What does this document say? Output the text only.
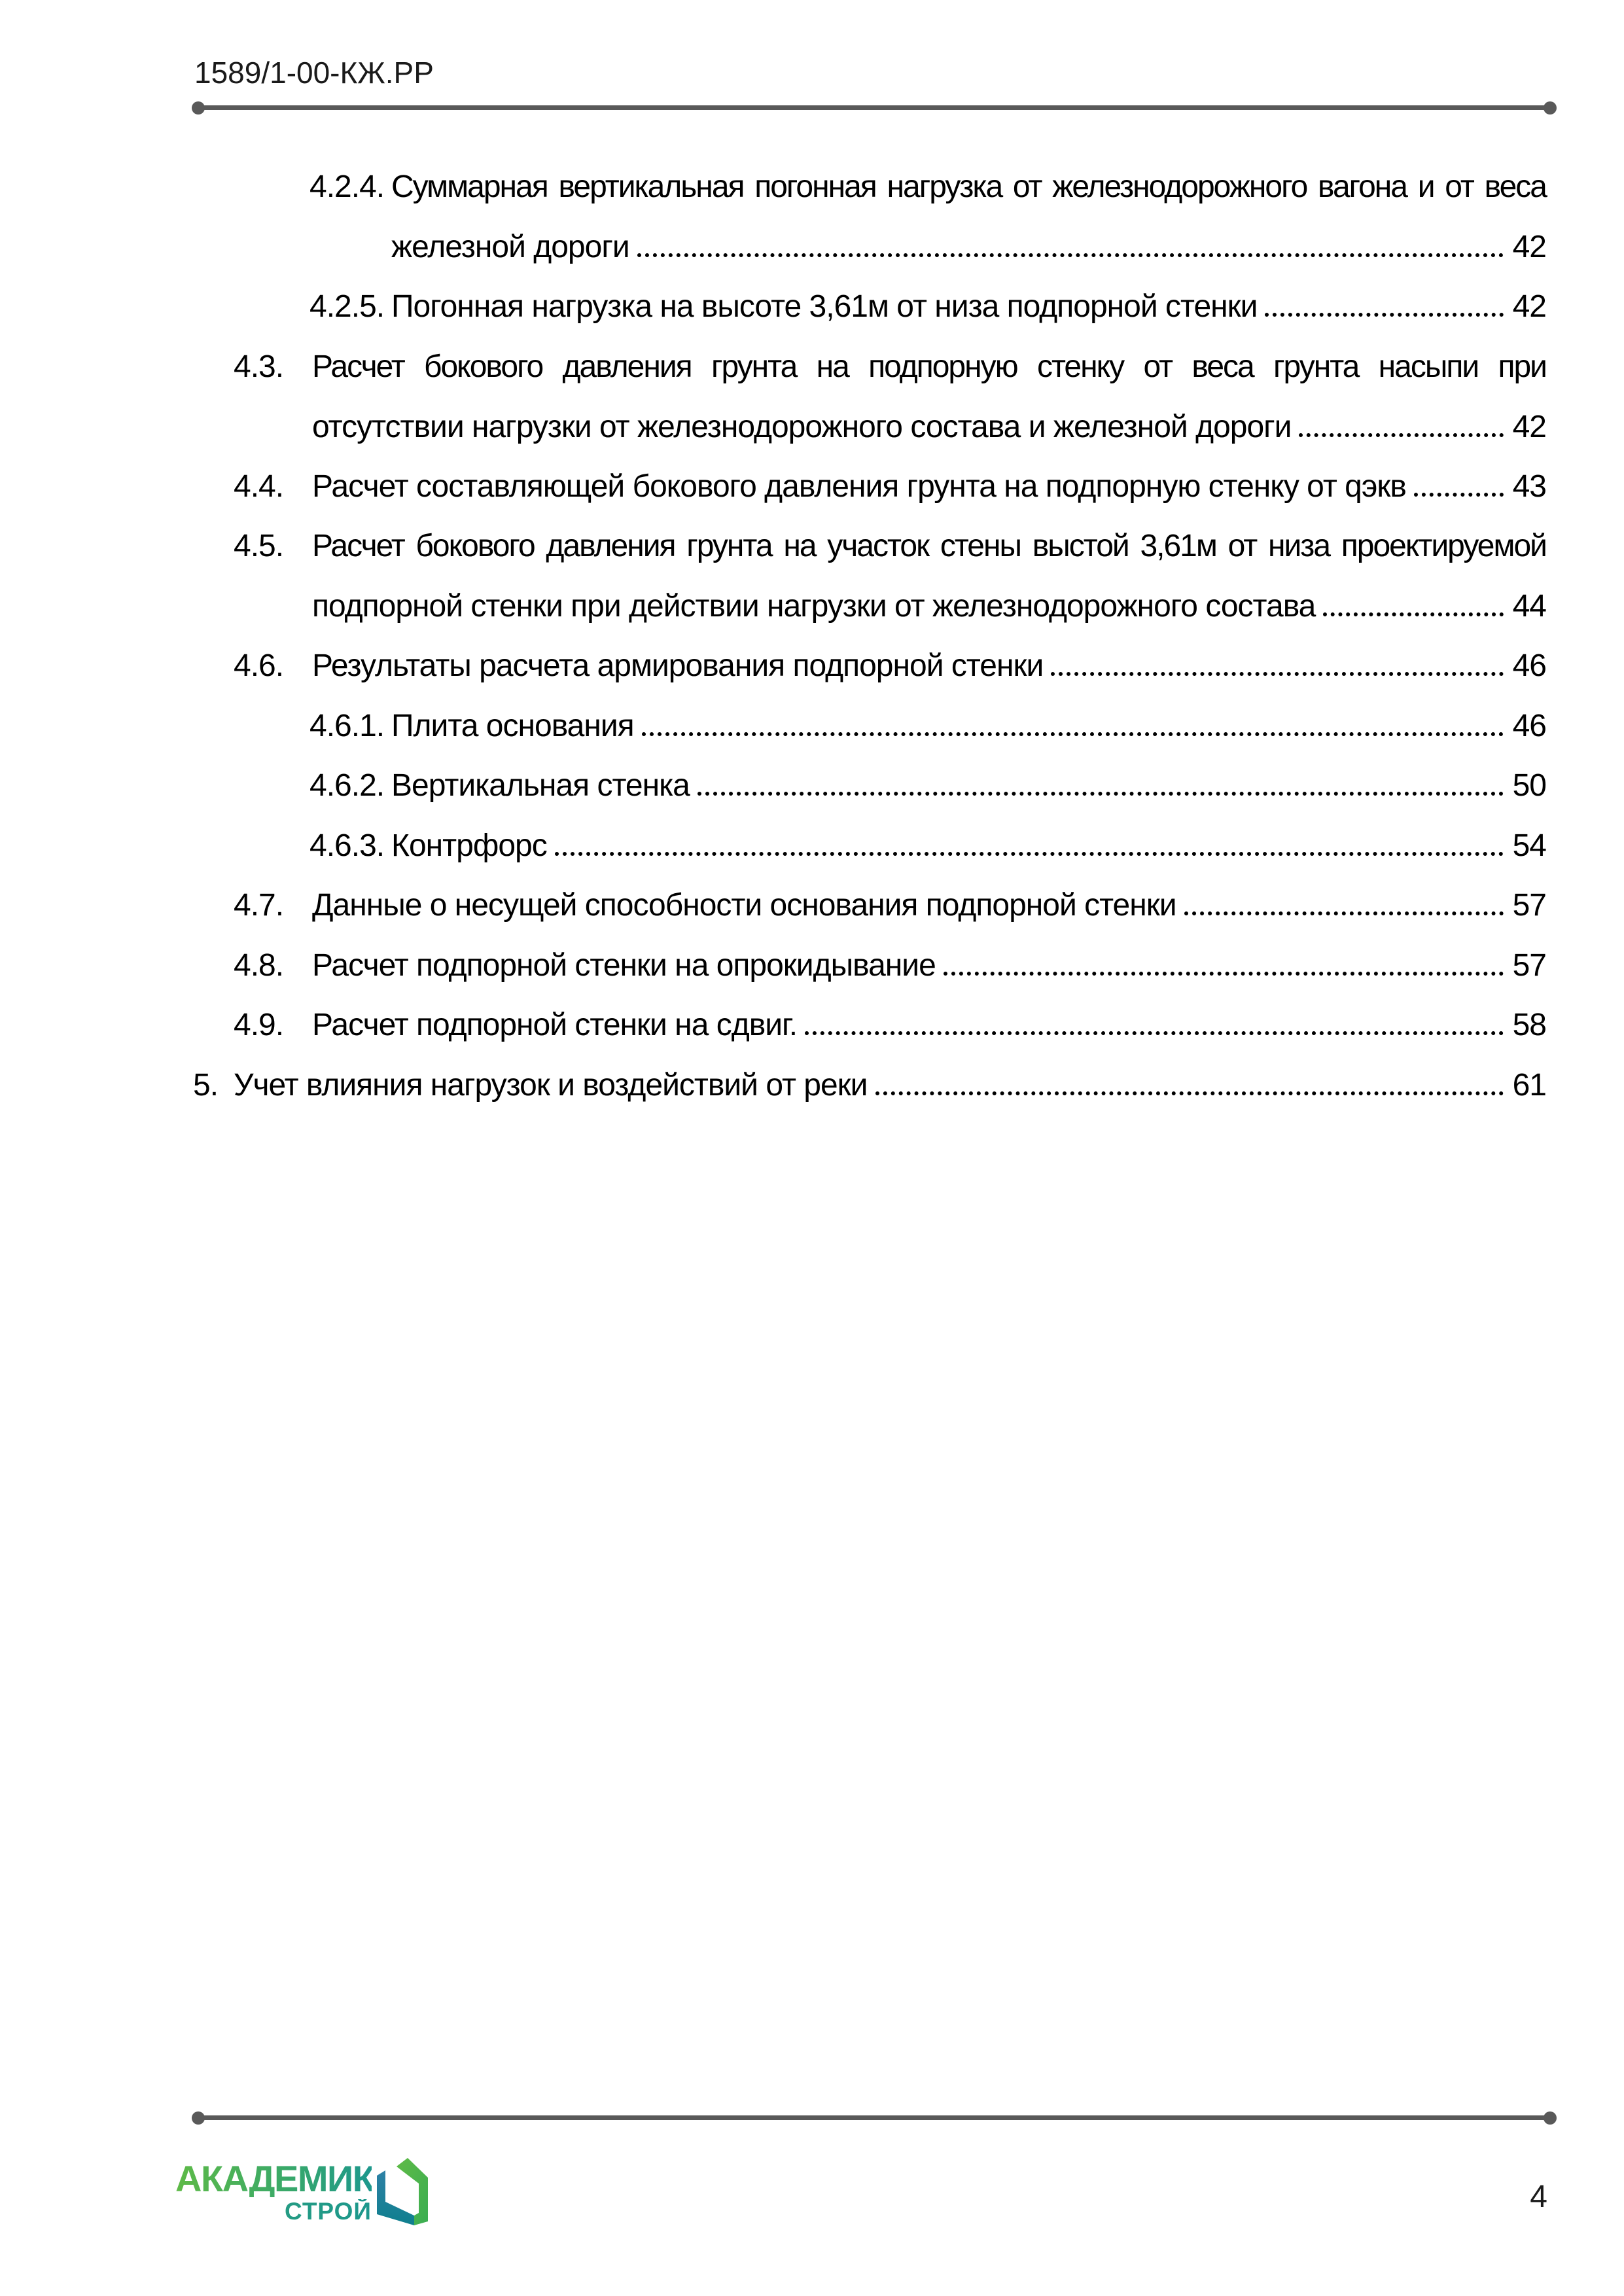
1589/1-00-КЖ.РР
4.2.4. Суммарная вертикальная погонная нагрузка от железнодорожного вагона и от веса
железной дороги	42
4.2.5. Погонная нагрузка на высоте 3,61м от низа подпорной стенки	42
4.3. Расчет бокового давления грунта на подпорную стенку от веса грунта насыпи при
отсутствии нагрузки от железнодорожного состава и железной дороги	42
4.4. Расчет составляющей бокового давления грунта на подпорную стенку от qэкв	43
4.5. Расчет бокового давления грунта на участок стены выстой 3,61м от низа проектируемой
подпорной стенки при действии нагрузки от железнодорожного состава	44
4.6. Результаты расчета армирования подпорной стенки	46
4.6.1. Плита основания	46
4.6.2. Вертикальная стенка	50
4.6.3. Контрфорс	54
4.7. Данные о несущей способности основания подпорной стенки	57
4.8. Расчет подпорной стенки на опрокидывание	57
4.9. Расчет подпорной стенки на сдвиг.	58
5. Учет влияния нагрузок и воздействий от реки	61
АКАДЕМИК
СТРОЙ	4
